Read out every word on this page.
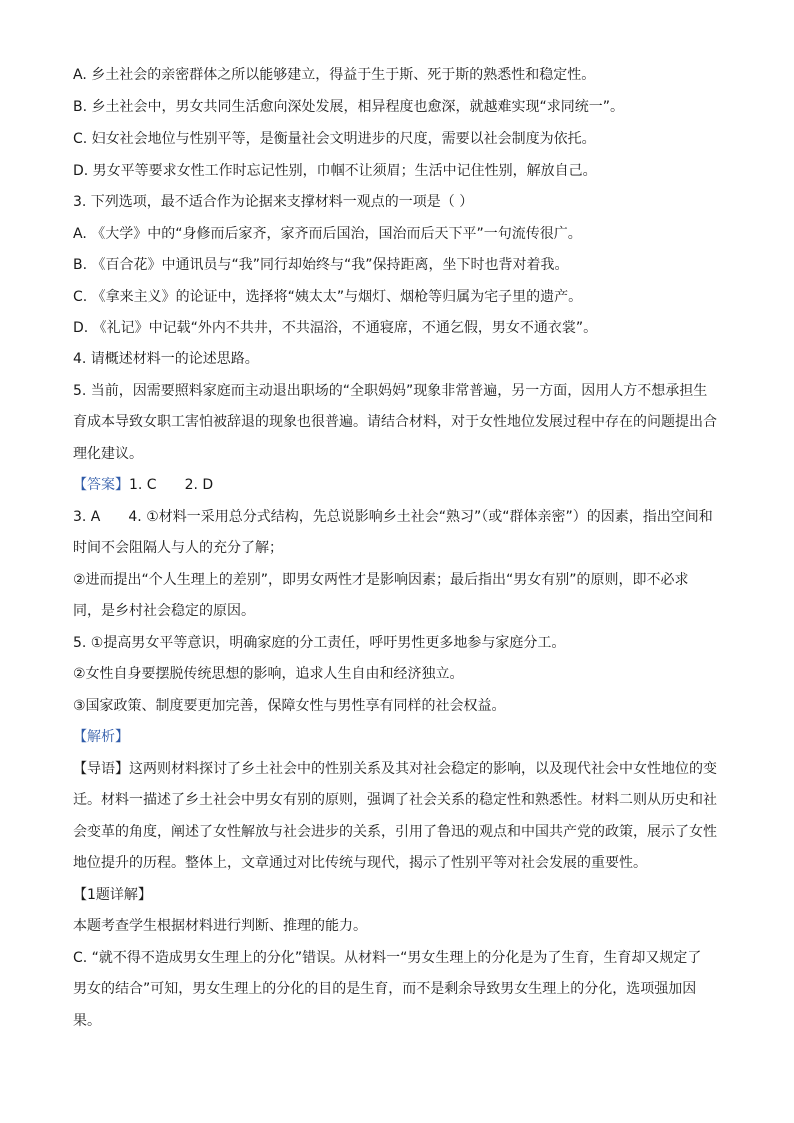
A. 乡土社会的亲密群体之所以能够建立，得益于生于斯、死于斯的熟悉性和稳定性。

B. 乡土社会中，男女共同生活愈向深处发展，相异程度也愈深，就越难实现“求同统一”。

C. 妇女社会地位与性别平等，是衡量社会文明进步的尺度，需要以社会制度为依托。

D. 男女平等要求女性工作时忘记性别，巾帼不让须眉；生活中记住性别，解放自己。

3. 下列选项，最不适合作为论据来支撑材料一观点的一项是（ ）

A. 《大学》中的“身修而后家齐，家齐而后国治，国治而后天下平”一句流传很广。

B. 《百合花》中通讯员与“我”同行却始终与“我”保持距离，坐下时也背对着我。

C. 《拿来主义》的论证中，选择将“姨太太”与烟灯、烟枪等归属为宅子里的遗产。

D. 《礼记》中记载“外内不共井，不共湢浴，不通寝席，不通乞假，男女不通衣裳”。

4. 请概述材料一的论述思路。

5. 当前，因需要照料家庭而主动退出职场的“全职妈妈”现象非常普遍，另一方面，因用人方不想承担生

育成本导致女职工害怕被辞退的现象也很普遍。请结合材料，对于女性地位发展过程中存在的问题提出合

理化建议。

【答案】1. C 2. D

3. A 4. ①材料一采用总分式结构，先总说影响乡土社会“熟习”（或“群体亲密”）的因素，指出空间和

时间不会阻隔人与人的充分了解；

②进而提出“个人生理上的差别”，即男女两性才是影响因素；最后指出“男女有别”的原则，即不必求

同，是乡村社会稳定的原因。

5. ①提高男女平等意识，明确家庭的分工责任，呼吁男性更多地参与家庭分工。

②女性自身要摆脱传统思想的影响，追求人生自由和经济独立。

③国家政策、制度要更加完善，保障女性与男性享有同样的社会权益。

【解析】

【导语】这两则材料探讨了乡土社会中的性别关系及其对社会稳定的影响，以及现代社会中女性地位的变

迁。材料一描述了乡土社会中男女有别的原则，强调了社会关系的稳定性和熟悉性。材料二则从历史和社

会变革的角度，阐述了女性解放与社会进步的关系，引用了鲁迅的观点和中国共产党的政策，展示了女性

地位提升的历程。整体上，文章通过对比传统与现代，揭示了性别平等对社会发展的重要性。

【1题详解】

本题考查学生根据材料进行判断、推理的能力。

C. “就不得不造成男女生理上的分化”错误。从材料一“男女生理上的分化是为了生育，生育却又规定了

男女的结合”可知，男女生理上的分化的目的是生育，而不是剩余导致男女生理上的分化，选项强加因

果。
